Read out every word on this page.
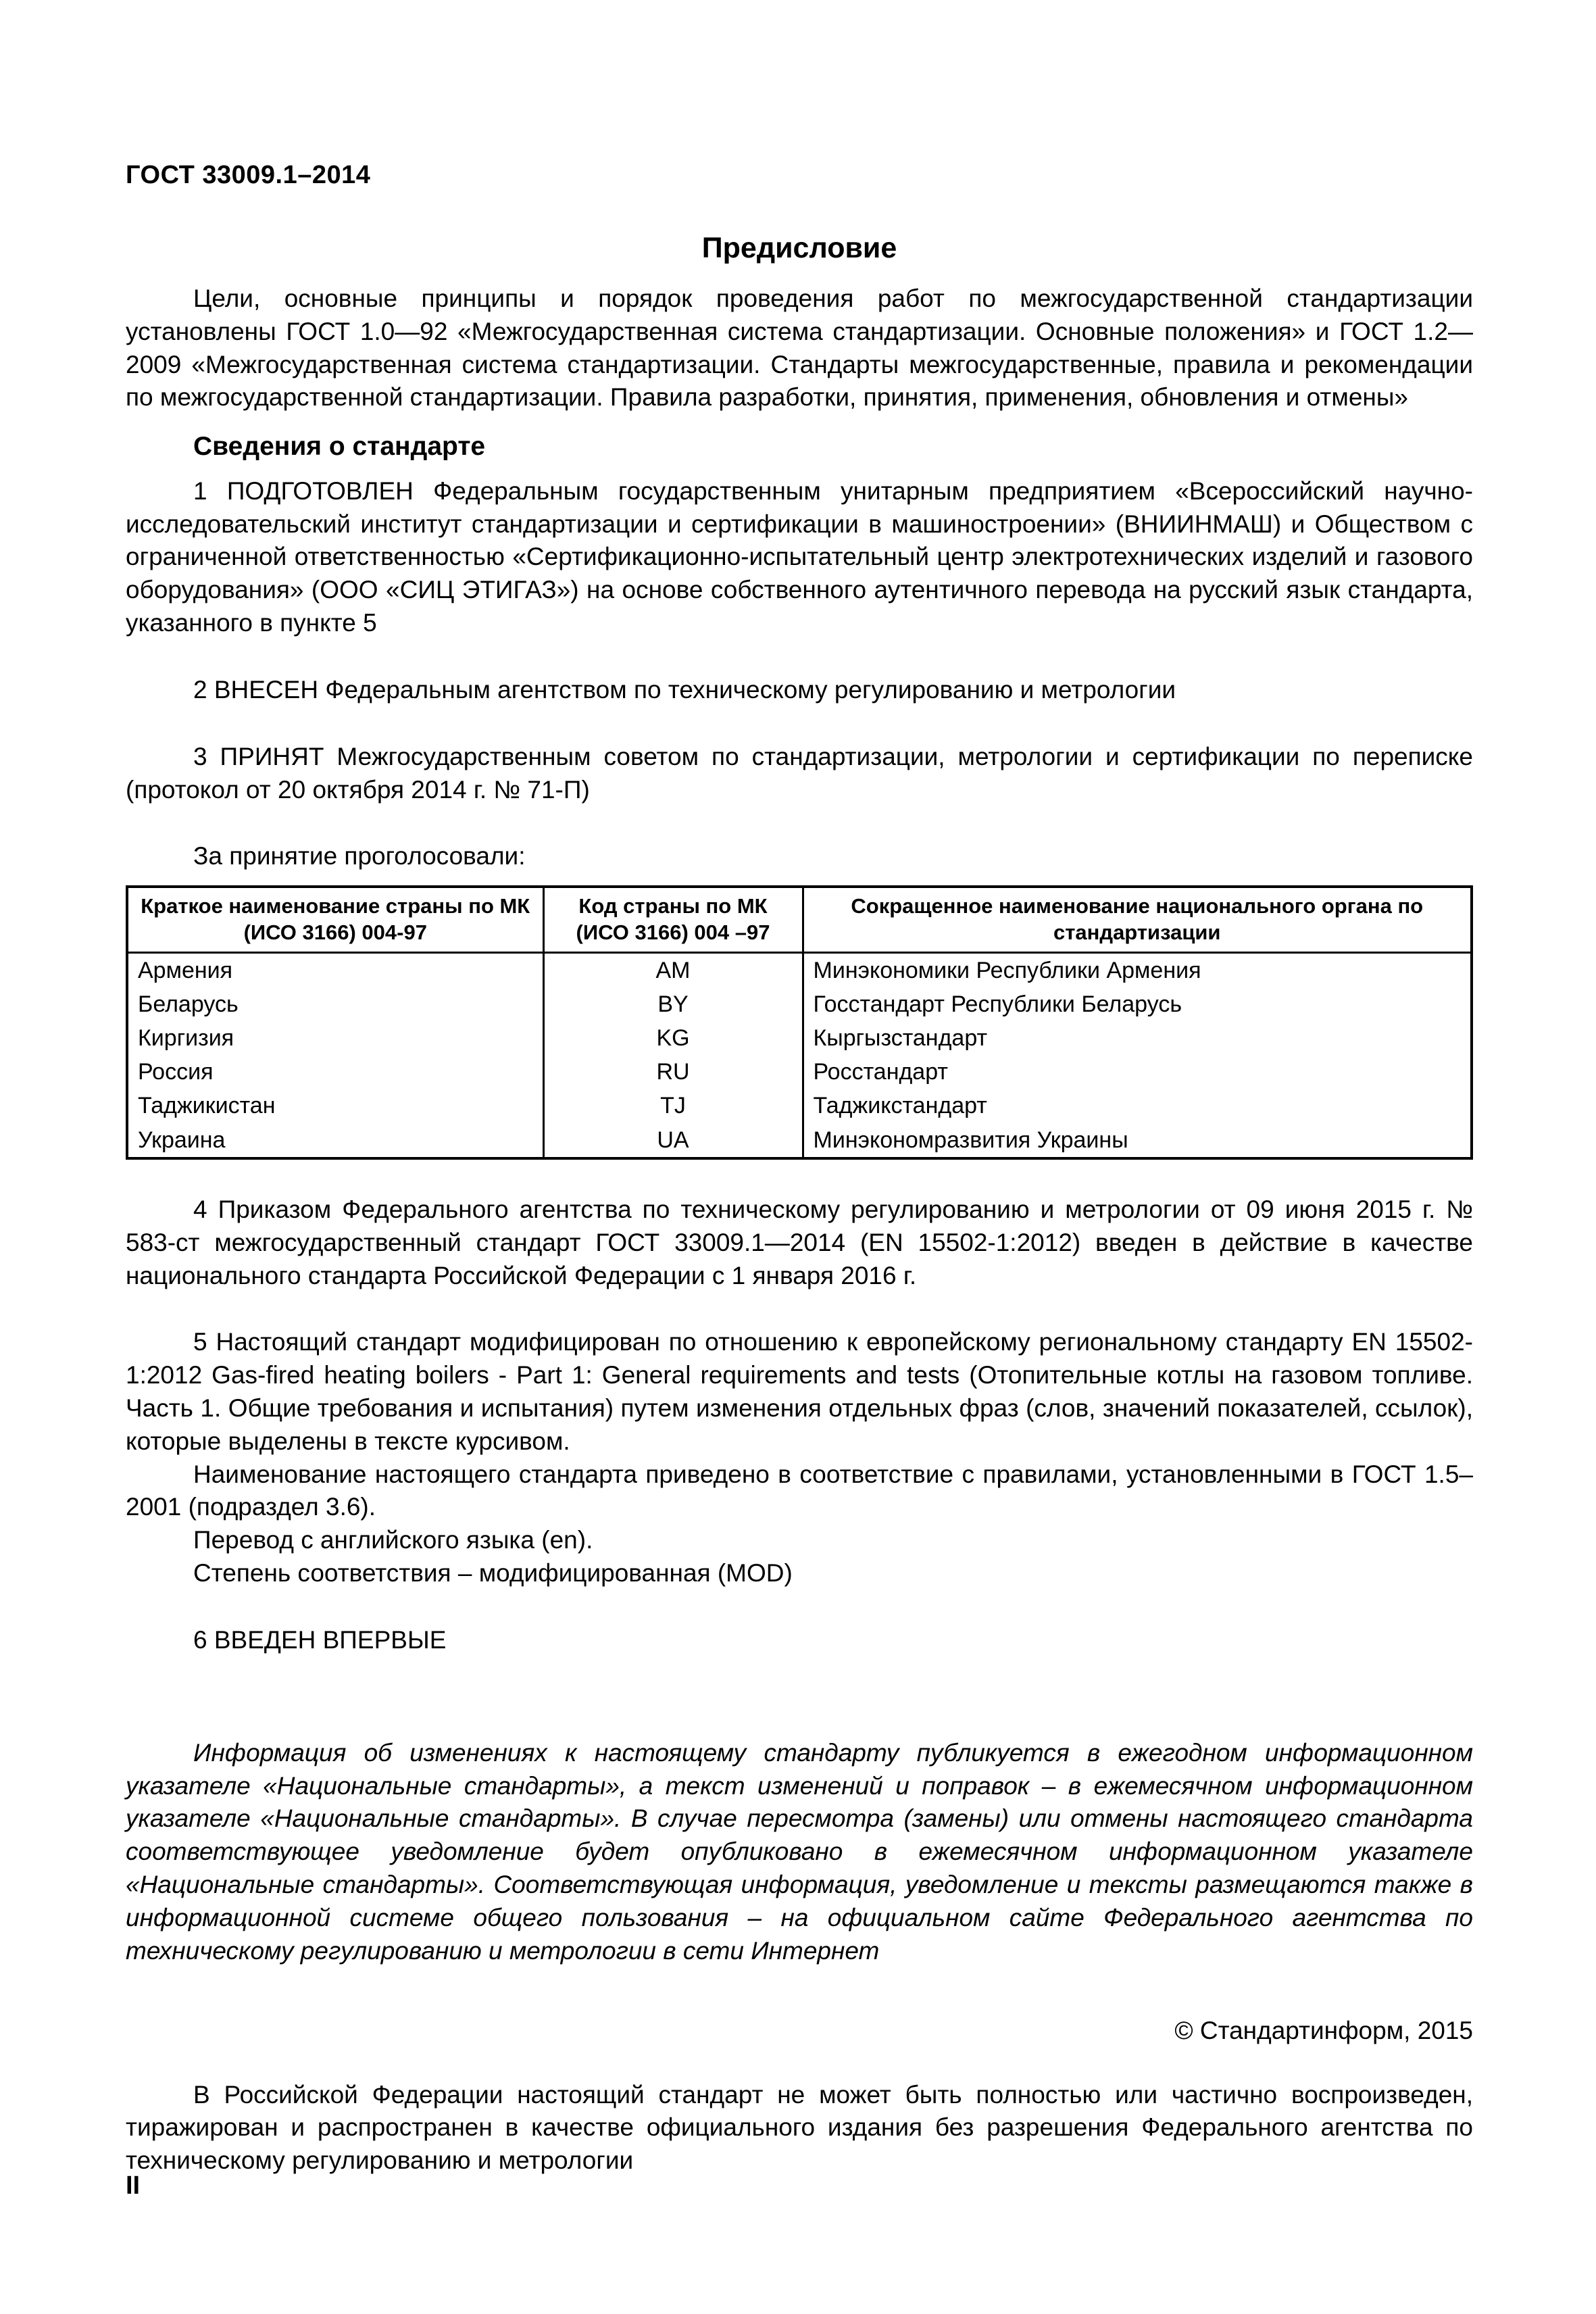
ГОСТ 33009.1–2014
Предисловие

Цели, основные принципы и порядок проведения работ по межгосударственной стандартизации установлены ГОСТ 1.0—92 «Межгосударственная система стандартизации. Основные положения» и ГОСТ 1.2—2009 «Межгосударственная система стандартизации. Стандарты межгосударственные, правила и рекомендации по межгосударственной стандартизации. Правила разработки, принятия, применения, обновления и отмены»

Сведения о стандарте

1 ПОДГОТОВЛЕН Федеральным государственным унитарным предприятием «Всероссийский научно-исследовательский институт стандартизации и сертификации в машиностроении» (ВНИИНМАШ) и Обществом с ограниченной ответственностью «Сертификационно-испытательный центр электротехнических изделий и газового оборудования» (ООО «СИЦ ЭТИГАЗ») на основе собственного аутентичного перевода на русский язык стандарта, указанного в пункте 5

2 ВНЕСЕН Федеральным агентством по техническому регулированию и метрологии

3 ПРИНЯТ Межгосударственным советом по стандартизации, метрологии и сертификации по переписке (протокол от 20 октября 2014 г. № 71-П)

За принятие проголосовали:

Краткое наименование страны по МК (ИСО 3166) 004-97	Код страны по МК (ИСО 3166) 004 –97	Сокращенное наименование национального органа по стандартизации
Армения	AM	Минэкономики Республики Армения
Беларусь	BY	Госстандарт Республики Беларусь
Киргизия	KG	Кыргызстандарт
Россия	RU	Росстандарт
Таджикистан	TJ	Таджикстандарт
Украина	UA	Минэкономразвития Украины

4 Приказом Федерального агентства по техническому регулированию и метрологии от 09 июня 2015 г. № 583-ст межгосударственный стандарт ГОСТ 33009.1—2014 (EN 15502-1:2012) введен в действие в качестве национального стандарта Российской Федерации с 1 января 2016 г.

5 Настоящий стандарт модифицирован по отношению к европейскому региональному стандарту EN 15502-1:2012 Gas-fired heating boilers - Part 1: General requirements and tests (Отопительные котлы на газовом топливе. Часть 1. Общие требования и испытания) путем изменения отдельных фраз (слов, значений показателей, ссылок), которые выделены в тексте курсивом.

Наименование настоящего стандарта приведено в соответствие с правилами, установленными в ГОСТ 1.5–2001 (подраздел 3.6).

Перевод с английского языка (en).

Степень соответствия – модифицированная (MOD)

6 ВВЕДЕН ВПЕРВЫЕ

Информация об изменениях к настоящему стандарту публикуется в ежегодном информационном указателе «Национальные стандарты», а текст изменений и поправок – в ежемесячном информационном указателе «Национальные стандарты». В случае пересмотра (замены) или отмены настоящего стандарта соответствующее уведомление будет опубликовано в ежемесячном информационном указателе «Национальные стандарты». Соответствующая информация, уведомление и тексты размещаются также в информационной системе общего пользования – на официальном сайте Федерального агентства по техническому регулированию и метрологии в сети Интернет

© Стандартинформ, 2015

В Российской Федерации настоящий стандарт не может быть полностью или частично воспроизведен, тиражирован и распространен в качестве официального издания без разрешения Федерального агентства по техническому регулированию и метрологии

II
